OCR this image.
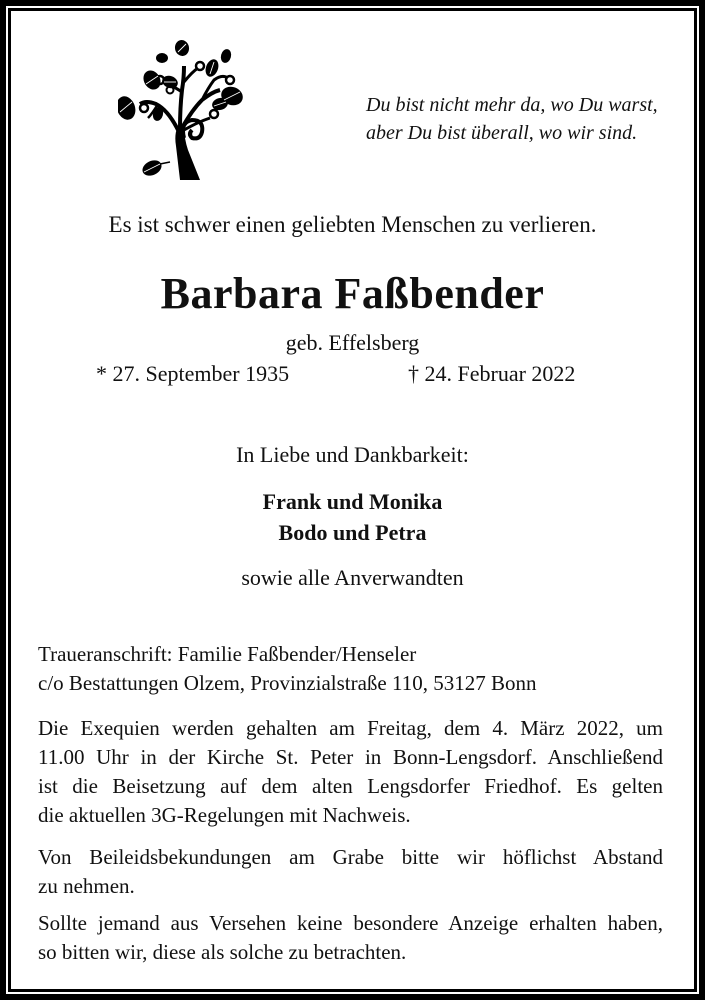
Du bist nicht mehr da, wo Du warst,
aber Du bist überall, wo wir sind.
Es ist schwer einen geliebten Menschen zu verlieren.
Barbara Faßbender
geb. Effelsberg
* 27. September 1935	† 24. Februar 2022
In Liebe und Dankbarkeit:
Frank und Monika
Bodo und Petra
sowie alle Anverwandten
Traueranschrift: Familie Faßbender/Henseler
c/o Bestattungen Olzem, Provinzialstraße 110, 53127 Bonn
Die Exequien werden gehalten am Freitag, dem 4. März 2022, um
11.00 Uhr in der Kirche St. Peter in Bonn-Lengsdorf. Anschließend
ist die Beisetzung auf dem alten Lengsdorfer Friedhof. Es gelten
die aktuellen 3G-Regelungen mit Nachweis.
Von Beileidsbekundungen am Grabe bitte wir höflichst Abstand
zu nehmen.
Sollte jemand aus Versehen keine besondere Anzeige erhalten haben,
so bitten wir, diese als solche zu betrachten.
